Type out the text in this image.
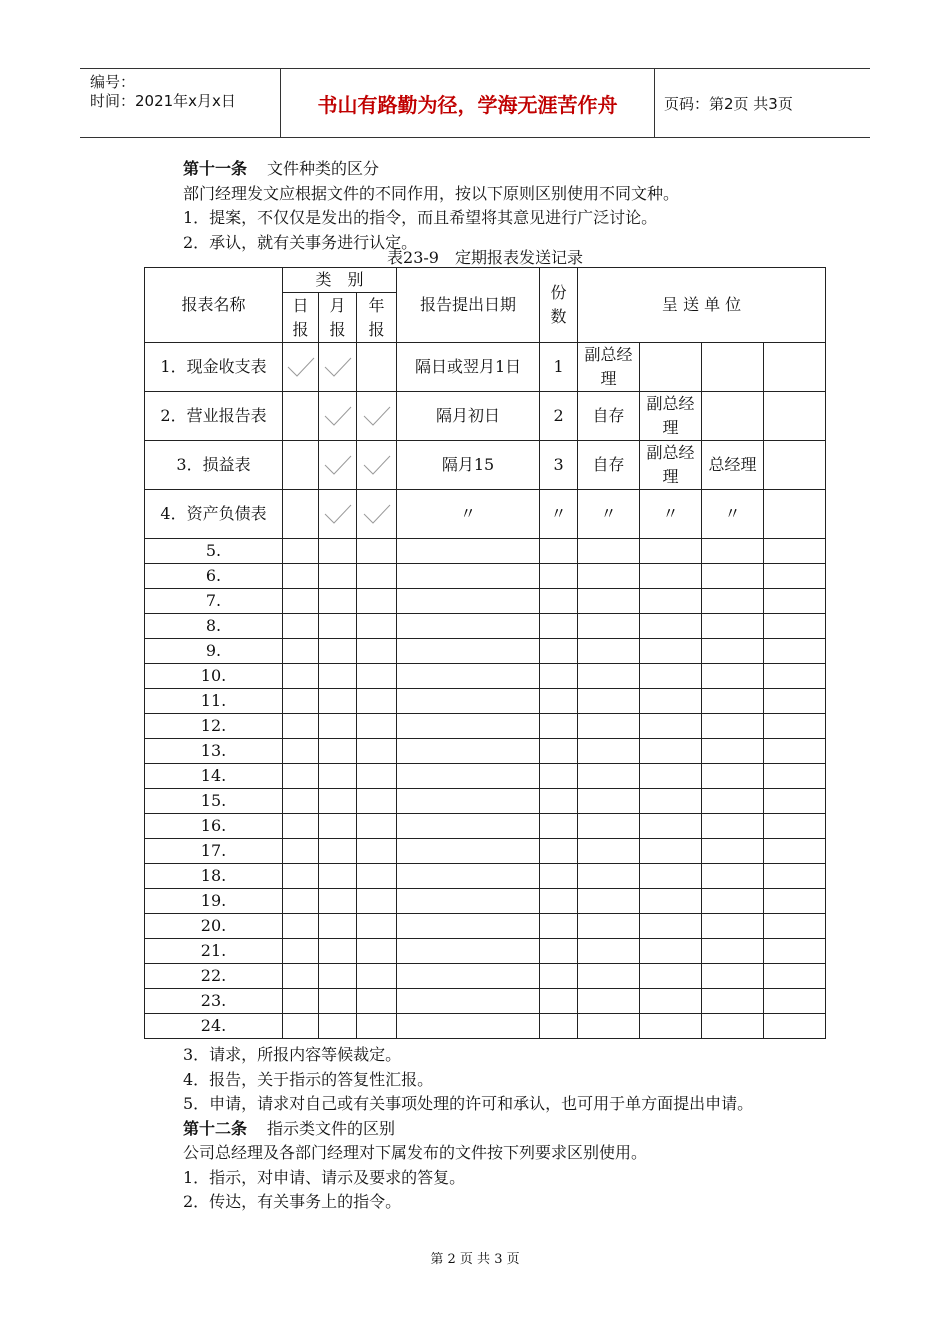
编号：
时间：2021年x月x日	书山有路勤为径，学海无涯苦作舟	页码：第2页 共3页
第十一条 文件种类的区分
部门经理发文应根据文件的不同作用，按以下原则区别使用不同文种。
1．提案，不仅仅是发出的指令，而且希望将其意见进行广泛讨论。
2．承认，就有关事务进行认定。
表23-9　定期报表发送记录
报表名称	类　别			报告提出日期	份数	呈 送 单 位			
	日报	月报	年报						
1．现金收支表				隔日或翌月1日	1	副总经理			
2．营业报告表				隔月初日	2	自存	副总经理		
3．损益表				隔月15	3	自存	副总经理	总经理	
4．资产负债表				〃	〃	〃	〃	〃	
5.									
6.									
7.									
8.									
9.									
10.									
11.									
12.									
13.									
14.									
15.									
16.									
17.									
18.									
19.									
20.									
21.									
22.									
23.									
24.									
3．请求，所报内容等候裁定。
4．报告，关于指示的答复性汇报。
5．申请，请求对自己或有关事项处理的许可和承认，也可用于单方面提出申请。
第十二条 指示类文件的区别
公司总经理及各部门经理对下属发布的文件按下列要求区别使用。
1．指示，对申请、请示及要求的答复。
2．传达，有关事务上的指令。
第 2 页 共 3 页
